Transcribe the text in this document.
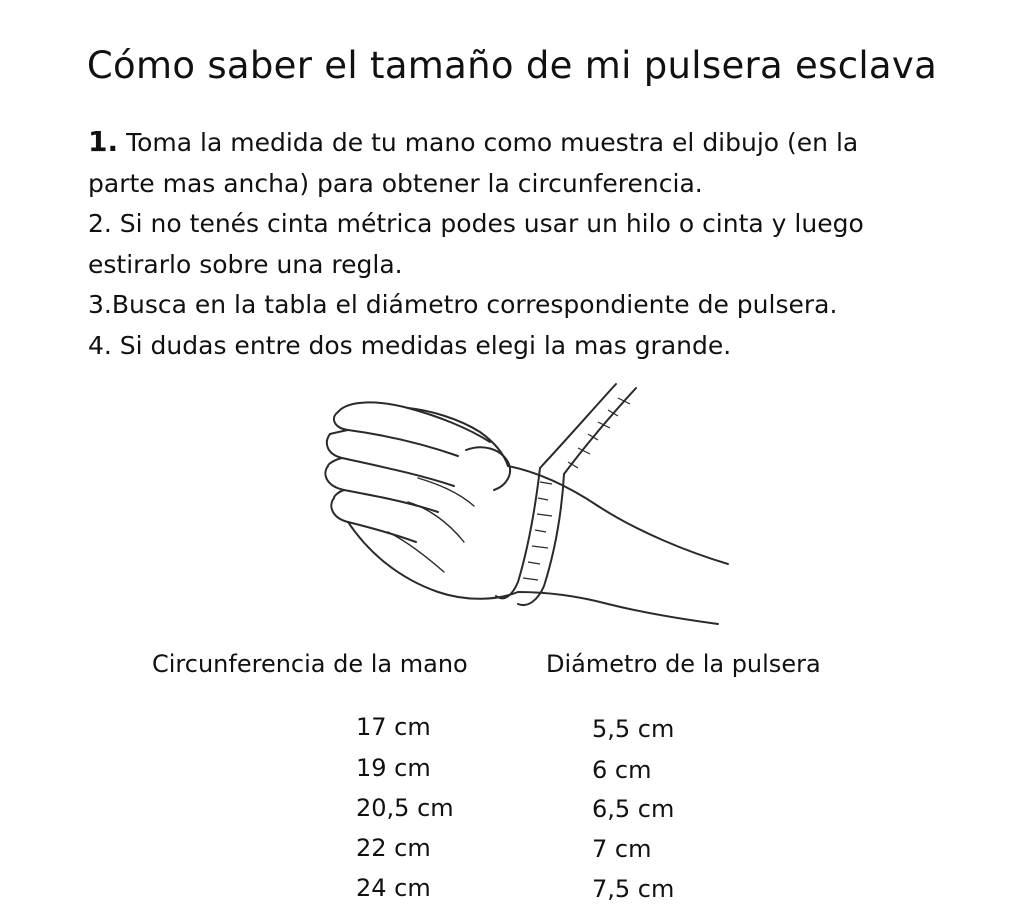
Cómo saber el tamaño de mi pulsera esclava
1. Toma la medida de tu mano como muestra el dibujo (en la
parte mas ancha) para obtener la circunferencia.
2. Si no tenés cinta métrica podes usar un hilo o cinta y luego
estirarlo sobre una regla.
3.Busca en la tabla el diámetro correspondiente de pulsera.
4. Si dudas entre dos medidas elegi la mas grande.
Circunferencia de la mano	Diámetro de la pulsera
17 cm	5,5 cm
19 cm	6 cm
20,5 cm	6,5 cm
22 cm	7 cm
24 cm	7,5 cm
